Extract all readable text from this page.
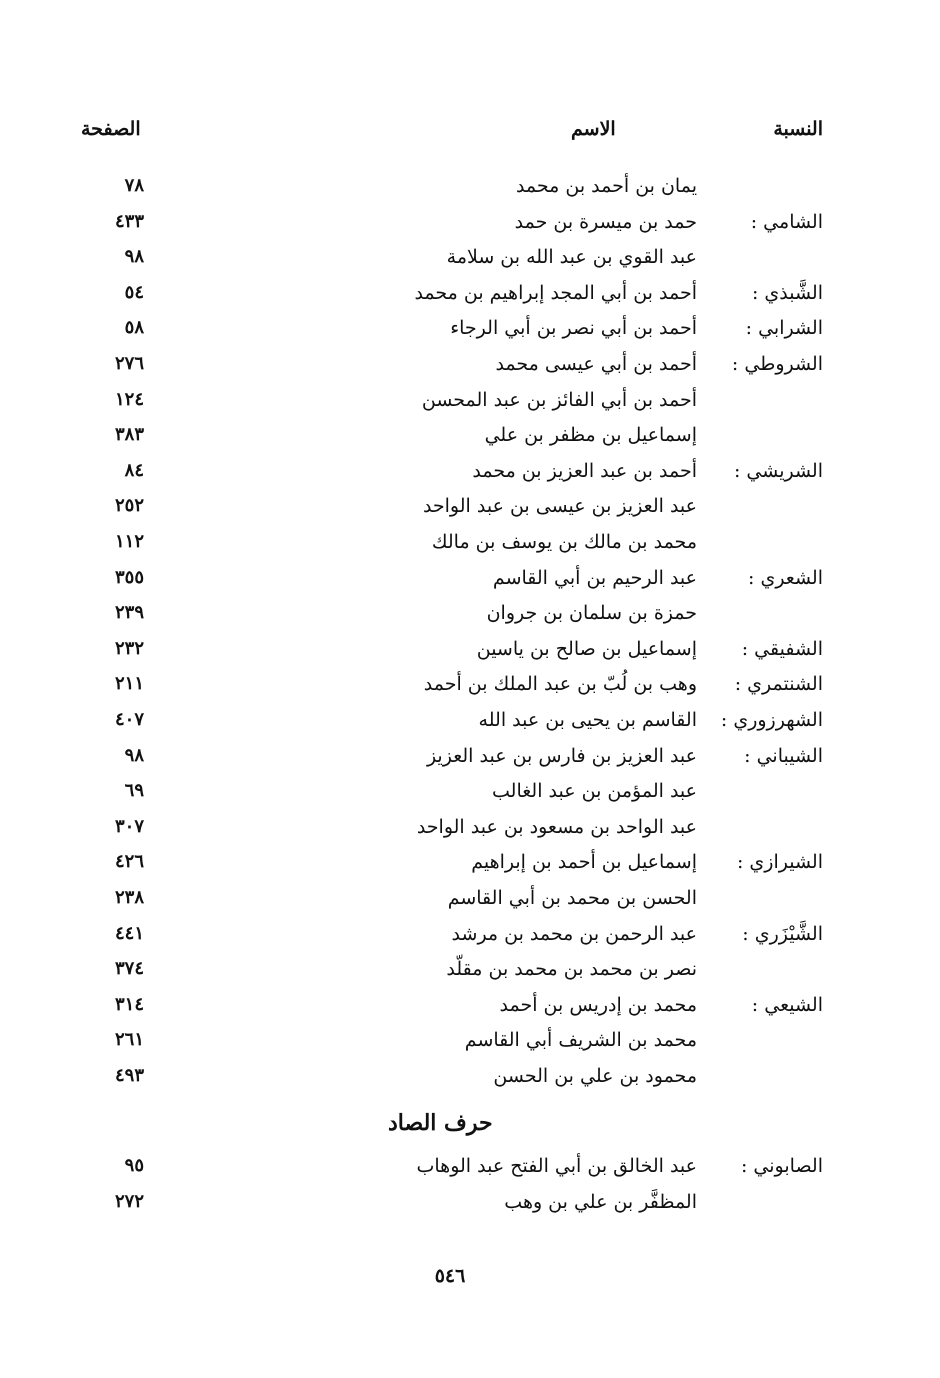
النسبة
الاسم
الصفحة
يمان بن أحمد بن محمد
٧٨
الشامي :
حمد بن ميسرة بن حمد
٤٣٣
عبد القوي بن عبد الله بن سلامة
٩٨
الشَّبذي :
أحمد بن أبي المجد إبراهيم بن محمد
٥٤
الشرابي :
أحمد بن أبي نصر بن أبي الرجاء
٥٨
الشروطي :
أحمد بن أبي عيسى محمد
٢٧٦
أحمد بن أبي الفائز بن عبد المحسن
١٢٤
إسماعيل بن مظفر بن علي
٣٨٣
الشريشي :
أحمد بن عبد العزيز بن محمد
٨٤
عبد العزيز بن عيسى بن عبد الواحد
٢٥٢
محمد بن مالك بن يوسف بن مالك
١١٢
الشعري :
عبد الرحيم بن أبي القاسم
٣٥٥
حمزة بن سلمان بن جروان
٢٣٩
الشفيقي :
إسماعيل بن صالح بن ياسين
٢٣٢
الشنتمري :
وهب بن لُبّ بن عبد الملك بن أحمد
٢١١
الشهرزوري :
القاسم بن يحيى بن عبد الله
٤٠٧
الشيباني :
عبد العزيز بن فارس بن عبد العزيز
٩٨
عبد المؤمن بن عبد الغالب
٦٩
عبد الواحد بن مسعود بن عبد الواحد
٣٠٧
الشيرازي :
إسماعيل بن أحمد بن إبراهيم
٤٢٦
الحسن بن محمد بن أبي القاسم
٢٣٨
الشَّيْزَري :
عبد الرحمن بن محمد بن مرشد
٤٤١
نصر بن محمد بن محمد بن مقلّد
٣٧٤
الشيعي :
محمد بن إدريس بن أحمد
٣١٤
محمد بن الشريف أبي القاسم
٢٦١
محمود بن علي بن الحسن
٤٩٣
حرف الصاد
الصابوني :
عبد الخالق بن أبي الفتح عبد الوهاب
٩٥
المظفَّر بن علي بن وهب
٢٧٢
٥٤٦
